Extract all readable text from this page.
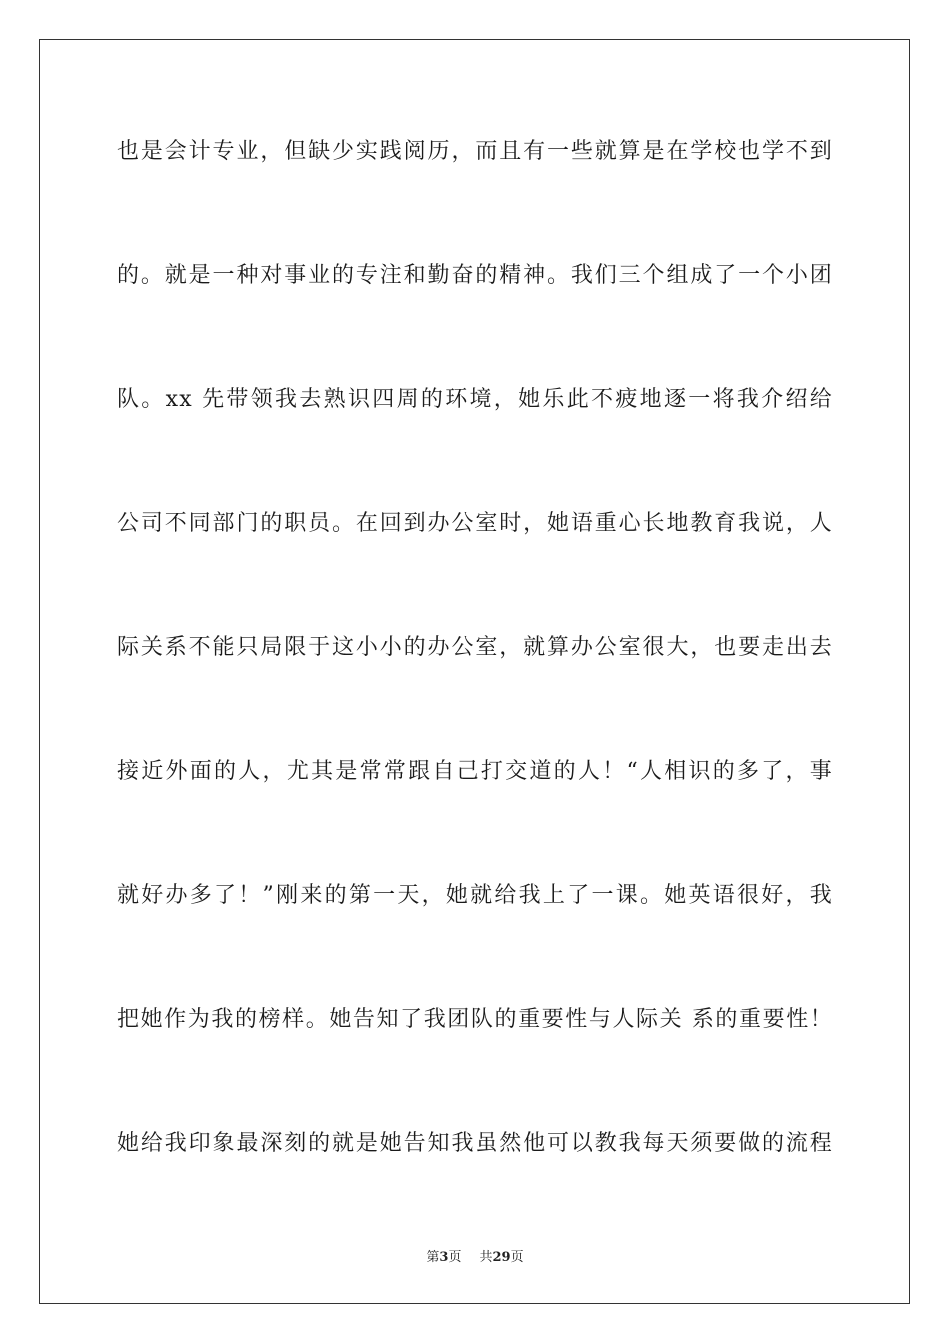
也是会计专业，但缺少实践阅历，而且有一些就算是在学校也学不到
的。就是一种对事业的专注和勤奋的精神。我们三个组成了一个小团
队。xx 先带领我去熟识四周的环境，她乐此不疲地逐一将我介绍给
公司不同部门的职员。在回到办公室时，她语重心长地教育我说，人
际关系不能只局限于这小小的办公室，就算办公室很大，也要走出去
接近外面的人，尤其是常常跟自己打交道的人！“人相识的多了，事
就好办多了！”刚来的第一天，她就给我上了一课。她英语很好，我
把她作为我的榜样。她告知了我团队的重要性与人际关 系的重要性！
她给我印象最深刻的就是她告知我虽然他可以教我每天须要做的流程
第3页 共29页
